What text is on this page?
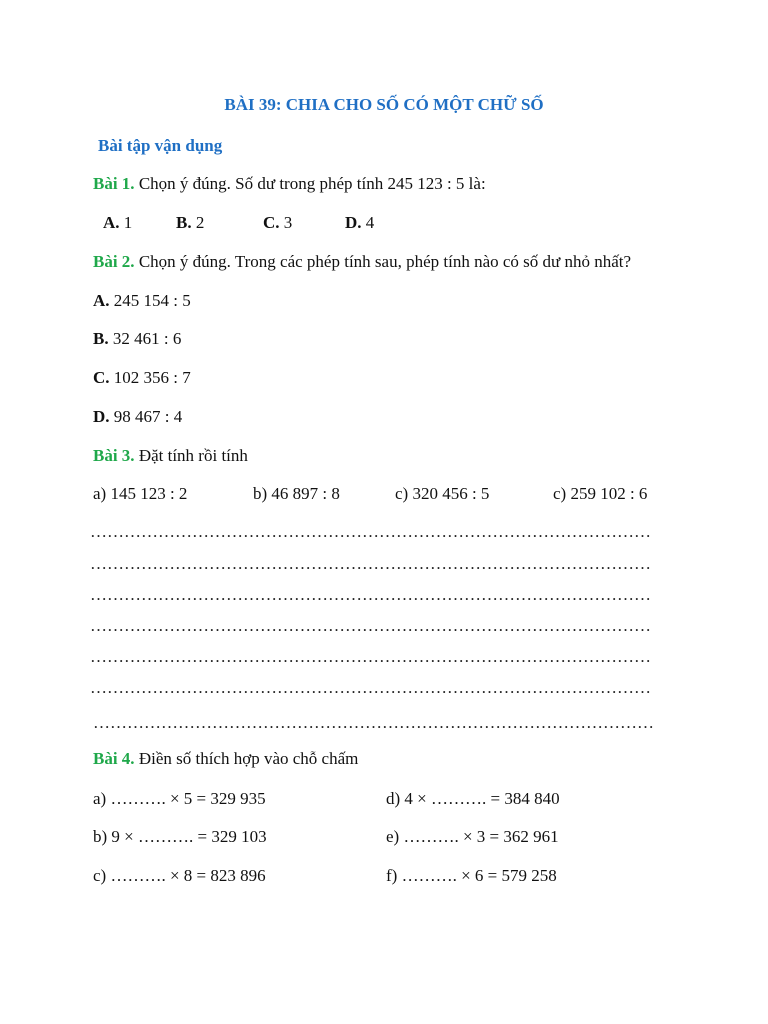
BÀI 39: CHIA CHO SỐ CÓ MỘT CHỮ SỐ
Bài tập vận dụng
Bài 1. Chọn ý đúng. Số dư trong phép tính 245 123 : 5 là:
A. 1	B. 2	C. 3	D. 4
Bài 2. Chọn ý đúng. Trong các phép tính sau, phép tính nào có số dư nhỏ nhất?
A. 245 154 : 5
B. 32 461 : 6
C. 102 356 : 7
D. 98 467 : 4
Bài 3. Đặt tính rồi tính
a) 145 123 : 2	b) 46 897 : 8	c) 320 456 : 5	c) 259 102 : 6
………………………………………………………………………………………
………………………………………………………………………………………
………………………………………………………………………………………
………………………………………………………………………………………
………………………………………………………………………………………
………………………………………………………………………………………
………………………………………………………………………………………
Bài 4. Điền số thích hợp vào chỗ chấm
a) ………. × 5 = 329 935
b) 9 × ………. = 329 103
c) ………. × 8 = 823 896
d) 4 × ………. = 384 840
e) ………. × 3 = 362 961
f) ………. × 6 = 579 258
